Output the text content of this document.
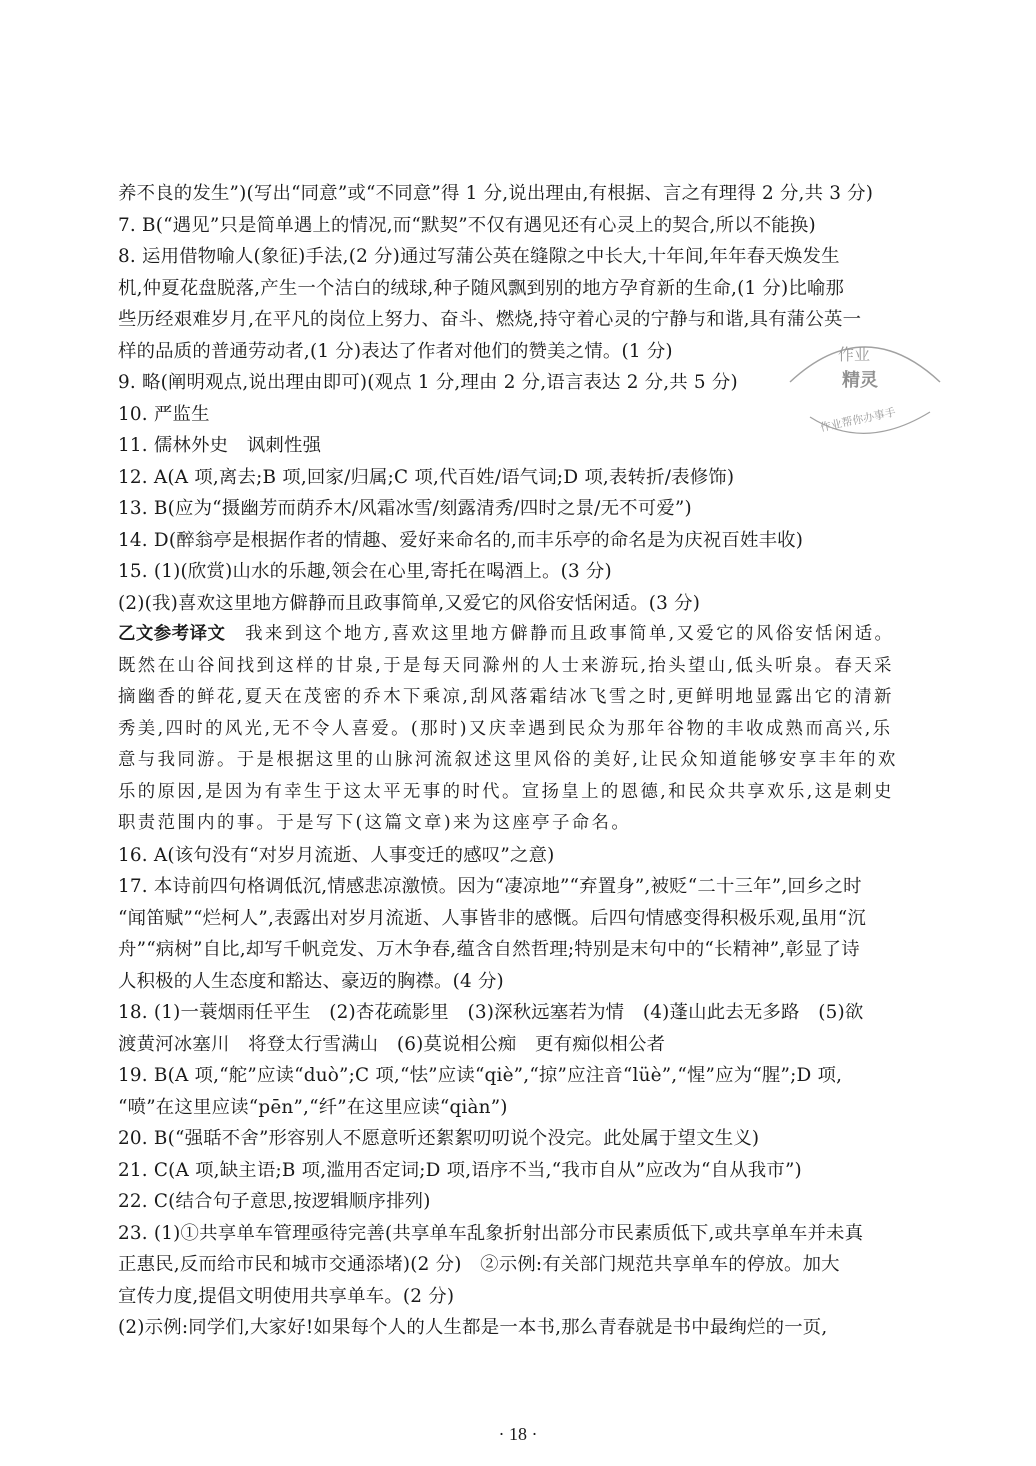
养不良的发生”)(写出“同意”或“不同意”得 1 分,说出理由,有根据、言之有理得 2 分,共 3 分)
7. B(“遇见”只是简单遇上的情况,而“默契”不仅有遇见还有心灵上的契合,所以不能换)
8. 运用借物喻人(象征)手法,(2 分)通过写蒲公英在缝隙之中长大,十年间,年年春天焕发生
机,仲夏花盘脱落,产生一个洁白的绒球,种子随风飘到别的地方孕育新的生命,(1 分)比喻那
些历经艰难岁月,在平凡的岗位上努力、奋斗、燃烧,持守着心灵的宁静与和谐,具有蒲公英一
样的品质的普通劳动者,(1 分)表达了作者对他们的赞美之情。(1 分)
9. 略(阐明观点,说出理由即可)(观点 1 分,理由 2 分,语言表达 2 分,共 5 分)
10. 严监生
11. 儒林外史　讽刺性强
12. A(A 项,离去;B 项,回家/归属;C 项,代百姓/语气词;D 项,表转折/表修饰)
13. B(应为“摄幽芳而荫乔木/风霜冰雪/刻露清秀/四时之景/无不可爱”)
14. D(醉翁亭是根据作者的情趣、爱好来命名的,而丰乐亭的命名是为庆祝百姓丰收)
15. (1)(欣赏)山水的乐趣,领会在心里,寄托在喝酒上。(3 分)
(2)(我)喜欢这里地方僻静而且政事简单,又爱它的风俗安恬闲适。(3 分)
乙文参考译文　我来到这个地方,喜欢这里地方僻静而且政事简单,又爱它的风俗安恬闲适。
既然在山谷间找到这样的甘泉,于是每天同滁州的人士来游玩,抬头望山,低头听泉。春天采
摘幽香的鲜花,夏天在茂密的乔木下乘凉,刮风落霜结冰飞雪之时,更鲜明地显露出它的清新
秀美,四时的风光,无不令人喜爱。(那时)又庆幸遇到民众为那年谷物的丰收成熟而高兴,乐
意与我同游。于是根据这里的山脉河流叙述这里风俗的美好,让民众知道能够安享丰年的欢
乐的原因,是因为有幸生于这太平无事的时代。宣扬皇上的恩德,和民众共享欢乐,这是刺史
职责范围内的事。于是写下(这篇文章)来为这座亭子命名。
16. A(该句没有“对岁月流逝、人事变迁的感叹”之意)
17. 本诗前四句格调低沉,情感悲凉激愤。因为“凄凉地”“弃置身”,被贬“二十三年”,回乡之时
“闻笛赋”“烂柯人”,表露出对岁月流逝、人事皆非的感慨。后四句情感变得积极乐观,虽用“沉
舟”“病树”自比,却写千帆竞发、万木争春,蕴含自然哲理;特别是末句中的“长精神”,彰显了诗
人积极的人生态度和豁达、豪迈的胸襟。(4 分)
18. (1)一蓑烟雨任平生　(2)杏花疏影里　(3)深秋远塞若为情　(4)蓬山此去无多路　(5)欲
渡黄河冰塞川　将登太行雪满山　(6)莫说相公痴　更有痴似相公者
19. B(A 项,“舵”应读“duò”;C 项,“怯”应读“qiè”,“掠”应注音“lüè”,“惺”应为“腥”;D 项,
“喷”在这里应读“pēn”,“纤”在这里应读“qiàn”)
20. B(“强聒不舍”形容别人不愿意听还絮絮叨叨说个没完。此处属于望文生义)
21. C(A 项,缺主语;B 项,滥用否定词;D 项,语序不当,“我市自从”应改为“自从我市”)
22. C(结合句子意思,按逻辑顺序排列)
23. (1)①共享单车管理亟待完善(共享单车乱象折射出部分市民素质低下,或共享单车并未真
正惠民,反而给市民和城市交通添堵)(2 分)　②示例:有关部门规范共享单车的停放。加大
宣传力度,提倡文明使用共享单车。(2 分)
(2)示例:同学们,大家好!如果每个人的人生都是一本书,那么青春就是书中最绚烂的一页,
作业
精灵
作业帮你办事手
· 18 ·
